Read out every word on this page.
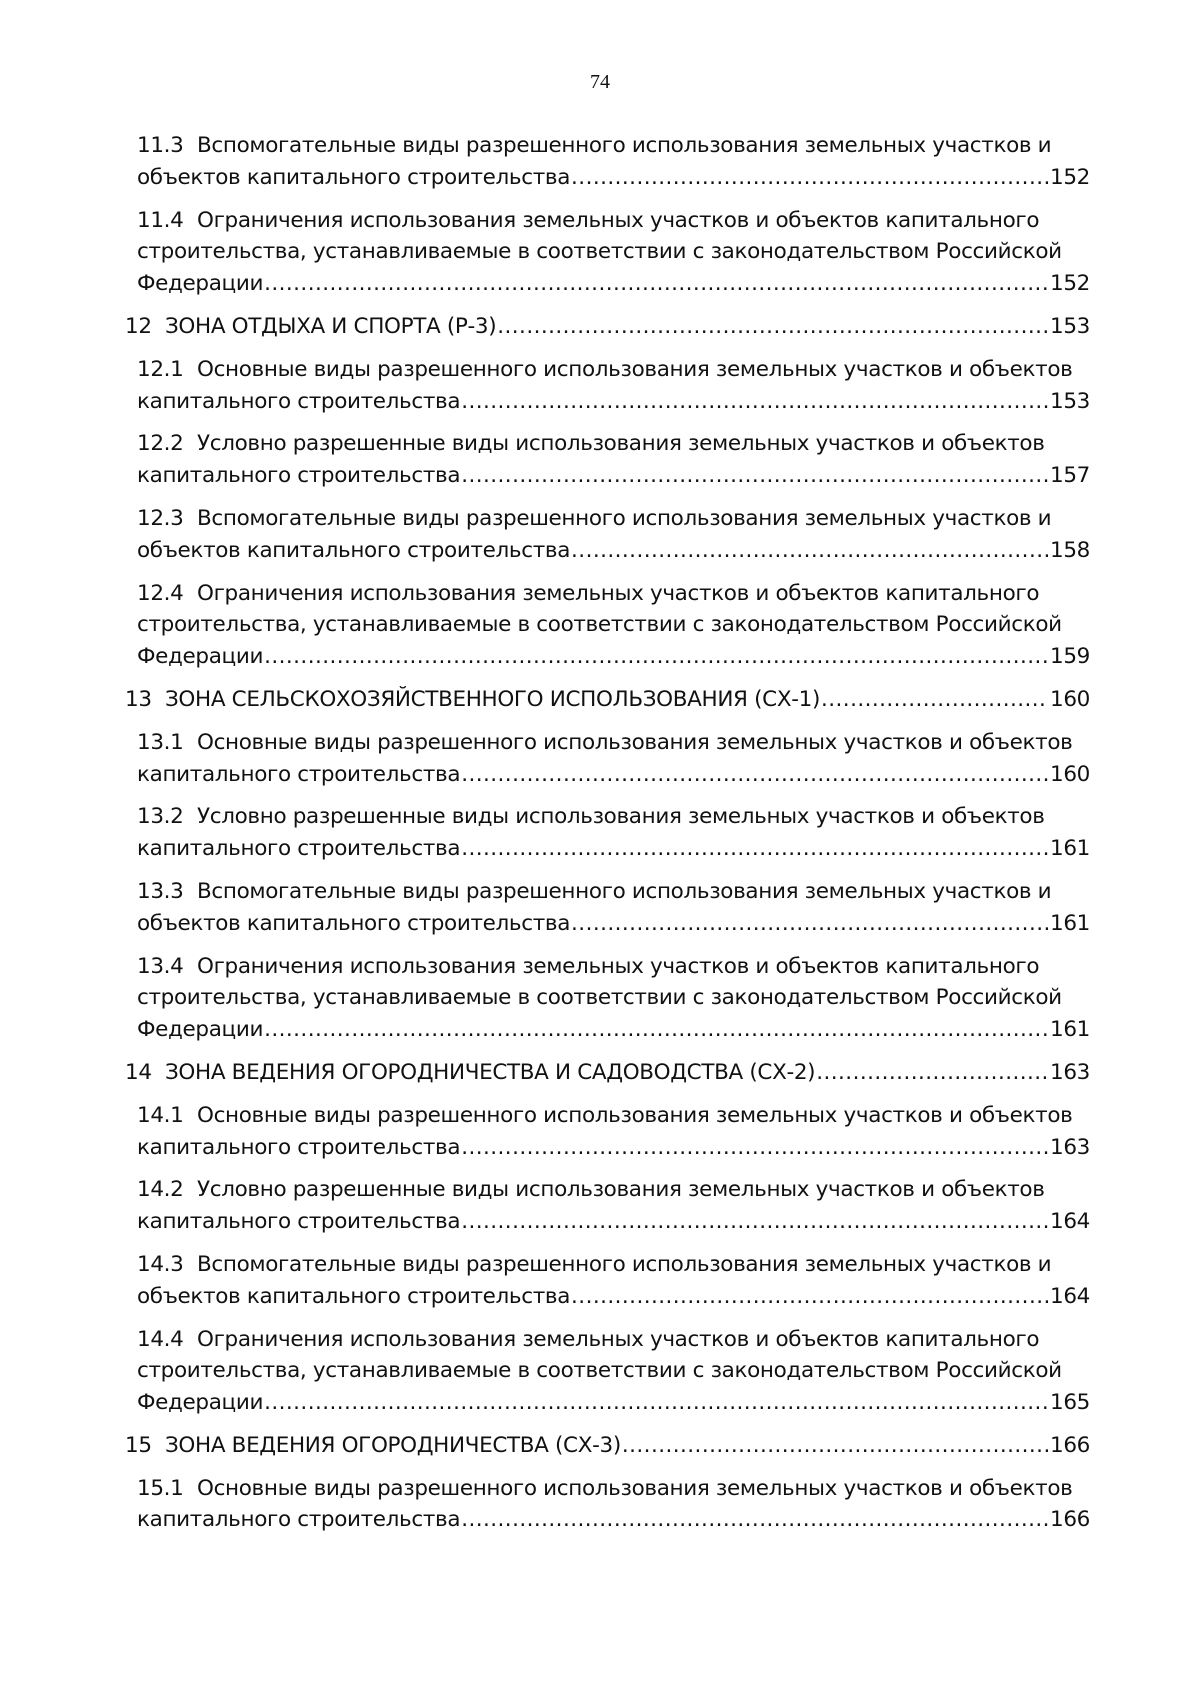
74
11.3 Вспомогательные виды разрешенного использования земельных участков и
объектов капитального строительства . . .	152
11.4 Ограничения использования земельных участков и объектов капитального
строительства, устанавливаемые в соответствии с законодательством Российской
Федерации . . .	152
12 ЗОНА ОТДЫХА И СПОРТА (Р-3) . . .	153
12.1 Основные виды разрешенного использования земельных участков и объектов
капитального строительства . . .	153
12.2 Условно разрешенные виды использования земельных участков и объектов
капитального строительства . . .	157
12.3 Вспомогательные виды разрешенного использования земельных участков и
объектов капитального строительства . . .	158
12.4 Ограничения использования земельных участков и объектов капитального
строительства, устанавливаемые в соответствии с законодательством Российской
Федерации . . .	159
13 ЗОНА СЕЛЬСКОХОЗЯЙСТВЕННОГО ИСПОЛЬЗОВАНИЯ (СХ-1) . . .	160
13.1 Основные виды разрешенного использования земельных участков и объектов
капитального строительства . . .	160
13.2 Условно разрешенные виды использования земельных участков и объектов
капитального строительства . . .	161
13.3 Вспомогательные виды разрешенного использования земельных участков и
объектов капитального строительства . . .	161
13.4 Ограничения использования земельных участков и объектов капитального
строительства, устанавливаемые в соответствии с законодательством Российской
Федерации . . .	161
14 ЗОНА ВЕДЕНИЯ ОГОРОДНИЧЕСТВА И САДОВОДСТВА (СХ-2) . . .	163
14.1 Основные виды разрешенного использования земельных участков и объектов
капитального строительства . . .	163
14.2 Условно разрешенные виды использования земельных участков и объектов
капитального строительства . . .	164
14.3 Вспомогательные виды разрешенного использования земельных участков и
объектов капитального строительства . . .	164
14.4 Ограничения использования земельных участков и объектов капитального
строительства, устанавливаемые в соответствии с законодательством Российской
Федерации . . .	165
15 ЗОНА ВЕДЕНИЯ ОГОРОДНИЧЕСТВА (СХ-3) . . .	166
15.1 Основные виды разрешенного использования земельных участков и объектов
капитального строительства . . .	166
